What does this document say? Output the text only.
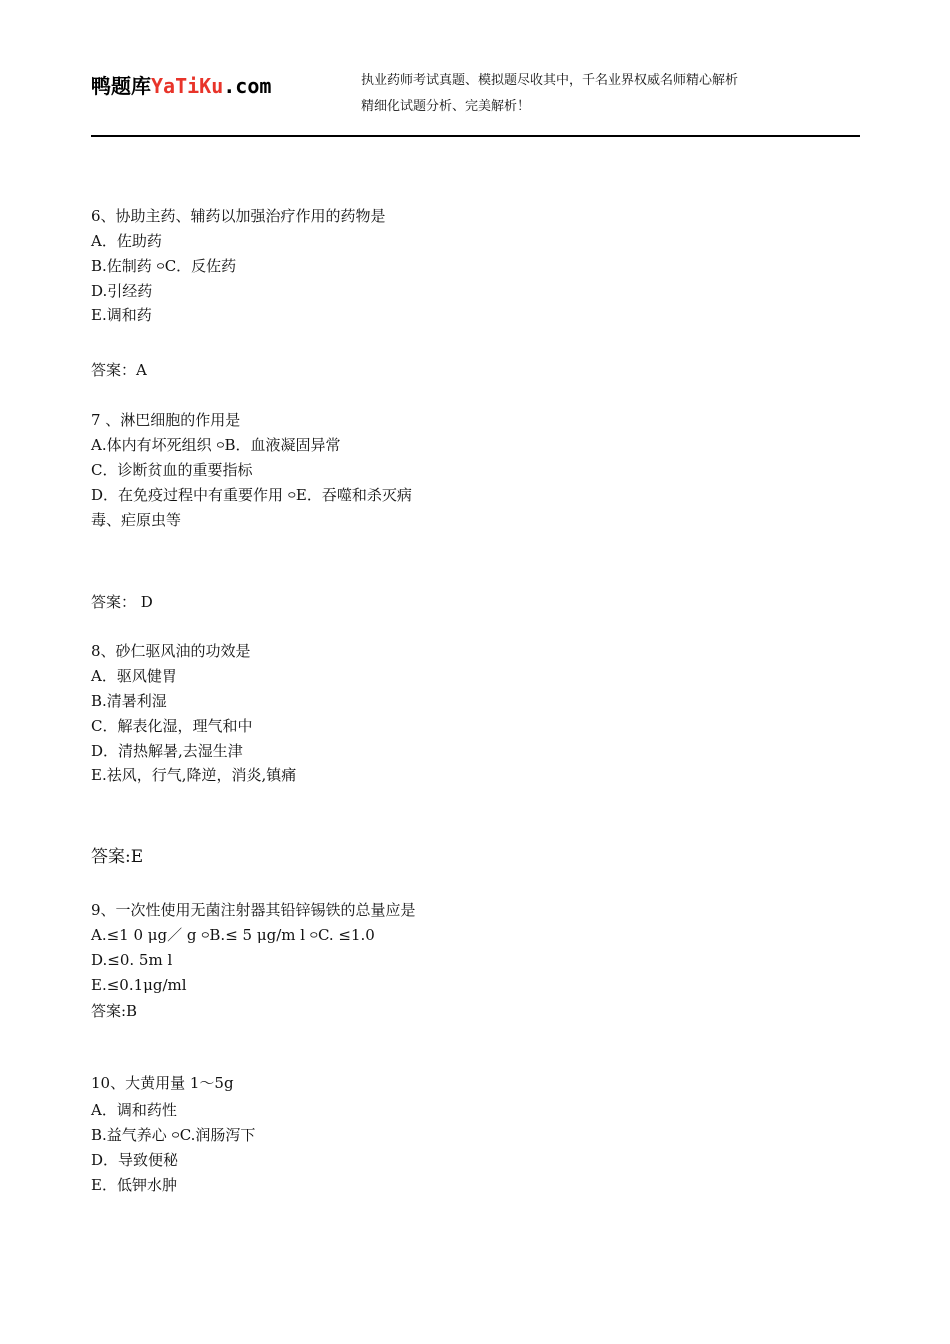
鸭题库YaTiKu.com	执业药师考试真题、模拟题尽收其中，千名业界权威名师精心解析
精细化试题分析、完美解析！
6、协助主药、辅药以加强治疗作用的药物是
A．佐助药
B.佐制药 ࿁C．反佐药
D.引经药
E.调和药
答案：A
7 、淋巴细胞的作用是
A.体内有坏死组织 ࿁B．血液凝固异常
C．诊断贫血的重要指标
D．在免疫过程中有重要作用 ࿁E．吞噬和杀灭病
毒、疟原虫等
答案： D
8、砂仁驱风油的功效是
A．驱风健胃
B.清暑利湿
C．解表化湿，理气和中
D．清热解暑,去湿生津
E.祛风，行气,降逆，消炎,镇痛
答案:E
9、一次性使用无菌注射器其铅锌锡铁的总量应是
A.≤1 0 μg／ g ࿁B.≤ 5 μg/m l ࿁C. ≤1.0
D.≤0. 5m l
E.≤0.1μg/ml
答案:B
10、大黄用量 1～5g
A．调和药性
B.益气养心 ࿁C.润肠泻下
D．导致便秘
E．低钾水肿
